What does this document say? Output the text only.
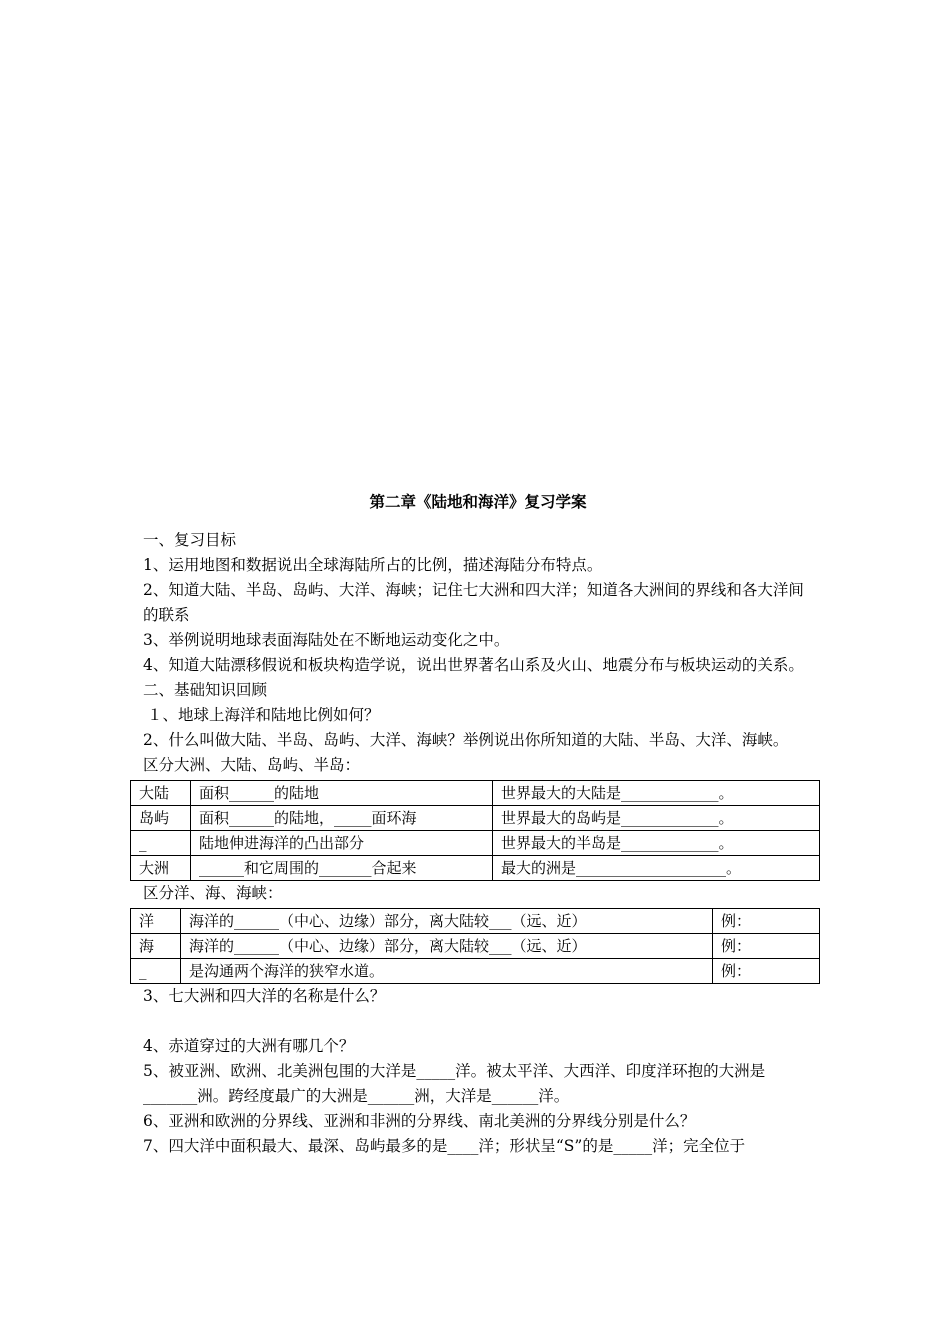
第二章《陆地和海洋》复习学案

一、复习目标

1、运用地图和数据说出全球海陆所占的比例，描述海陆分布特点。

2、知道大陆、半岛、岛屿、大洋、海峡；记住七大洲和四大洋；知道各大洲间的界线和各大洋间的联系

3、举例说明地球表面海陆处在不断地运动变化之中。

4、知道大陆漂移假说和板块构造学说，说出世界著名山系及火山、地震分布与板块运动的关系。

二、基础知识回顾

１、地球上海洋和陆地比例如何？

2、什么叫做大陆、半岛、岛屿、大洋、海峡？举例说出你所知道的大陆、半岛、大洋、海峡。

区分大洲、大陆、岛屿、半岛：

大陆	面积______的陆地	世界最大的大陆是_____________。
岛屿	面积______的陆地，_____面环海	世界最大的岛屿是_____________。
_	陆地伸进海洋的凸出部分	世界最大的半岛是_____________。
大洲	______和它周围的_______合起来	最大的洲是____________________。

区分洋、海、海峡：

洋	海洋的______（中心、边缘）部分，离大陆较___（远、近）	例：
海	海洋的______（中心、边缘）部分，离大陆较___（远、近）	例：
_	是沟通两个海洋的狭窄水道。	例：

3、七大洲和四大洋的名称是什么？

4、赤道穿过的大洲有哪几个？

5、被亚洲、欧洲、北美洲包围的大洋是_____洋。被太平洋、大西洋、印度洋环抱的大洲是_______洲。跨经度最广的大洲是______洲，大洋是______洋。

6、亚洲和欧洲的分界线、亚洲和非洲的分界线、南北美洲的分界线分别是什么？

7、四大洋中面积最大、最深、岛屿最多的是____洋；形状呈“S”的是_____洋；完全位于
